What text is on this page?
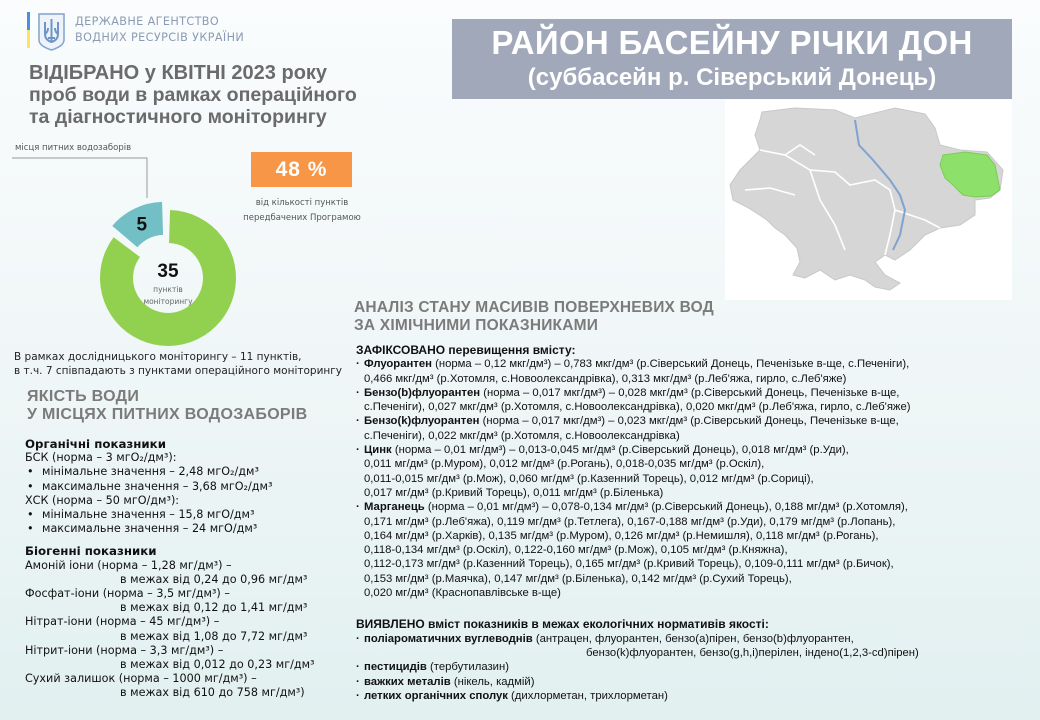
ДЕРЖАВНЕ АГЕНТСТВО
ВОДНИХ РЕСУРСІВ УКРАЇНИ
ВІДІБРАНО у КВІТНІ 2023 року
проб води в рамках операційного
та діагностичного моніторингу
РАЙОН БАСЕЙНУ РІЧКИ ДОН
(суббасейн р. Сіверський Донець)
місця питних водозаборів
5
35
пунктів
моніторингу
48 %
від кількості пунктів
передбачених Програмою
В рамках дослідницького моніторингу – 11 пунктів,
в т.ч. 7 співпадають з пунктами операційного моніторингу
ЯКІСТЬ ВОДИ
У МІСЦЯХ ПИТНИХ ВОДОЗАБОРІВ
Органічні показники
БСК (норма – 3 мгО₂/дм³):
• мінімальне значення – 2,48 мгО₂/дм³
• максимальне значення – 3,68 мгО₂/дм³
ХСК (норма – 50 мгО/дм³):
• мінімальне значення – 15,8 мгО/дм³
• максимальне значення – 24 мгО/дм³
Біогенні показники
Амоній іони (норма – 1,28 мг/дм³) –
в межах від 0,24 до 0,96 мг/дм³
Фосфат-іони (норма – 3,5 мг/дм³) –
в межах від 0,12 до 1,41 мг/дм³
Нітрат-іони (норма – 45 мг/дм³) –
в межах від 1,08 до 7,72 мг/дм³
Нітрит-іони (норма – 3,3 мг/дм³) –
в межах від 0,012 до 0,23 мг/дм³
Сухий залишок (норма – 1000 мг/дм³) –
в межах від 610 до 758 мг/дм³)
АНАЛІЗ СТАНУ МАСИВІВ ПОВЕРХНЕВИХ ВОД
ЗА ХІМІЧНИМИ ПОКАЗНИКАМИ
ЗАФІКСОВАНО перевищення вмісту:
· Флуорантен (норма – 0,12 мкг/дм³) – 0,783 мкг/дм³ (р.Сіверський Донець, Печенізьке в-ще, с.Печеніги),
0,466 мкг/дм³ (р.Хотомля, с.Новоолександрівка), 0,313 мкг/дм³ (р.Леб'яжа, гирло, с.Леб'яже)
· Бензо(b)флуорантен (норма – 0,017 мкг/дм³) – 0,028 мкг/дм³ (р.Сіверський Донець, Печенізьке в-ще,
с.Печеніги), 0,027 мкг/дм³ (р.Хотомля, с.Новоолександрівка), 0,020 мкг/дм³ (р.Леб'яжа, гирло, с.Леб'яже)
· Бензо(k)флуорантен (норма – 0,017 мкг/дм³) – 0,023 мкг/дм³ (р.Сіверський Донець, Печенізьке в-ще,
с.Печеніги), 0,022 мкг/дм³ (р.Хотомля, с.Новоолександрівка)
· Цинк (норма – 0,01 мг/дм³) – 0,013-0,045 мг/дм³ (р.Сіверський Донець), 0,018 мг/дм³ (р.Уди),
0,011 мг/дм³ (р.Муром), 0,012 мг/дм³ (р.Рогань), 0,018-0,035 мг/дм³ (р.Оскіл),
0,011-0,015 мг/дм³ (р.Мож), 0,060 мг/дм³ (р.Казенний Торець), 0,012 мг/дм³ (р.Сориці),
0,017 мг/дм³ (р.Кривий Торець), 0,011 мг/дм³ (р.Біленька)
· Марганець (норма – 0,01 мг/дм³) – 0,078-0,134 мг/дм³ (р.Сіверський Донець), 0,188 мг/дм³ (р.Хотомля),
0,171 мг/дм³ (р.Леб'яжа), 0,119 мг/дм³ (р.Тетлега), 0,167-0,188 мг/дм³ (р.Уди), 0,179 мг/дм³ (р.Лопань),
0,164 мг/дм³ (р.Харків), 0,135 мг/дм³ (р.Муром), 0,126 мг/дм³ (р.Немишля), 0,118 мг/дм³ (р.Рогань),
0,118-0,134 мг/дм³ (р.Оскіл), 0,122-0,160 мг/дм³ (р.Мож), 0,105 мг/дм³ (р.Княжна),
0,112-0,173 мг/дм³ (р.Казенний Торець), 0,165 мг/дм³ (р.Кривий Торець), 0,109-0,111 мг/дм³ (р.Бичок),
0,153 мг/дм³ (р.Маячка), 0,147 мг/дм³ (р.Біленька), 0,142 мг/дм³ (р.Сухий Торець),
0,020 мг/дм³ (Краснопавлівське в-ще)
ВИЯВЛЕНО вміст показників в межах екологічних нормативів якості:
· поліароматичних вуглеводнів (антрацен, флуорантен, бензо(а)пірен, бензо(b)флуорантен,
бензо(k)флуорантен, бензо(g,h,i)перілен, індено(1,2,3-cd)пірен)
· пестицидів (тербутилазин)
· важких металів (нікель, кадмій)
· летких органічних сполук (дихлорметан, трихлорметан)
